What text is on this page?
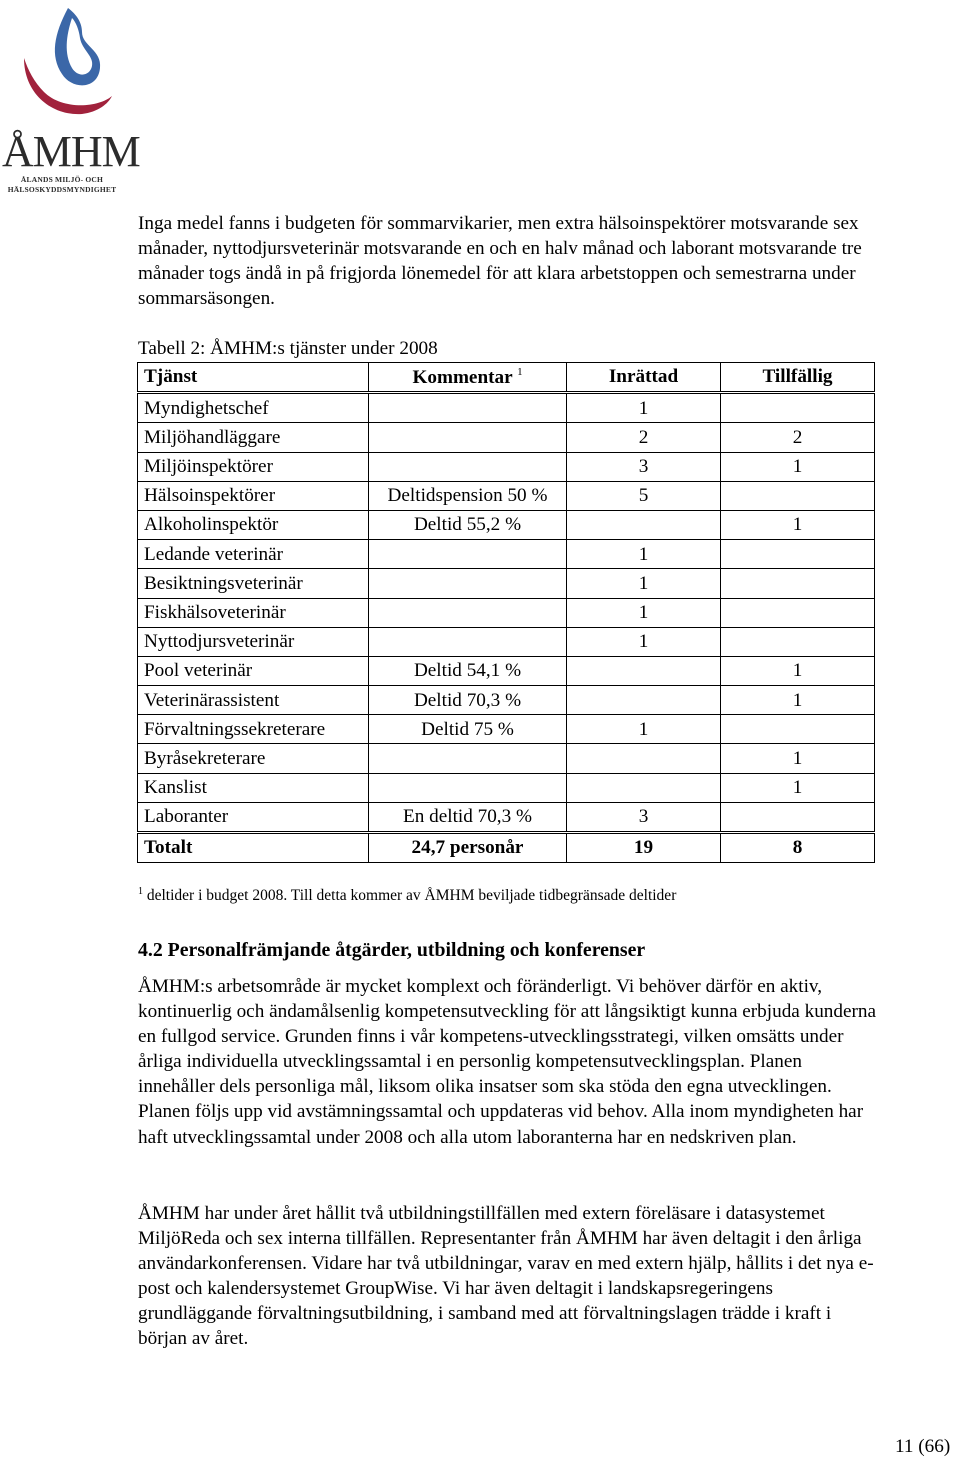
ÅMHM
ÅLANDS MILJÖ- OCH
HÄLSOSKYDDSMYNDIGHET

Inga medel fanns i budgeten för sommarvikarier, men extra hälsoinspektörer motsvarande sex månader, nyttodjursveterinär motsvarande en och en halv månad och laborant motsvarande tre månader togs ändå in på frigjorda lönemedel för att klara arbetstoppen och semestrarna under sommarsäsongen.

Tabell 2: ÅMHM:s tjänster under 2008
Tjänst	Kommentar $^1$	Inrättad	Tillfällig
Myndighetschef		1	
Miljöhandläggare		2	2
Miljöinspektörer		3	1
Hälsoinspektörer	Deltidspension 50 %	5	
Alkoholinspektör	Deltid 55,2 %		1
Ledande veterinär		1	
Besiktningsveterinär		1	
Fiskhälsoveterinär		1	
Nyttodjursveterinär		1	
Pool veterinär	Deltid 54,1 %		1
Veterinärassistent	Deltid 70,3 %		1
Förvaltningssekreterare	Deltid 75 %	1	
Byråsekreterare			1
Kanslist			1
Laboranter	En deltid 70,3 %	3	
Totalt	24,7 personår	19	8
$^1$ deltider i budget 2008. Till detta kommer av ÅMHM beviljade tidbegränsade deltider
4.2 Personalfrämjande åtgärder, utbildning och konferenser

ÅMHM:s arbetsområde är mycket komplext och föränderligt. Vi behöver därför en aktiv, kontinuerlig och ändamålsenlig kompetensutveckling för att långsiktigt kunna erbjuda kunderna en fullgod service. Grunden finns i vår kompetens-utvecklingsstrategi, vilken omsätts under årliga individuella utvecklingssamtal i en personlig kompetensutvecklingsplan. Planen innehåller dels personliga mål, liksom olika insatser som ska stöda den egna utvecklingen. Planen följs upp vid avstämningssamtal och uppdateras vid behov. Alla inom myndigheten har haft utvecklingssamtal under 2008 och alla utom laboranterna har en nedskriven plan.

ÅMHM har under året hållit två utbildningstillfällen med extern föreläsare i datasystemet MiljöReda och sex interna tillfällen. Representanter från ÅMHM har även deltagit i den årliga användarkonferensen. Vidare har två utbildningar, varav en med extern hjälp, hållits i det nya e-post och kalendersystemet GroupWise. Vi har även deltagit i landskapsregeringens grundläggande förvaltningsutbildning, i samband med att förvaltningslagen trädde i kraft i början av året.

11 (66)
